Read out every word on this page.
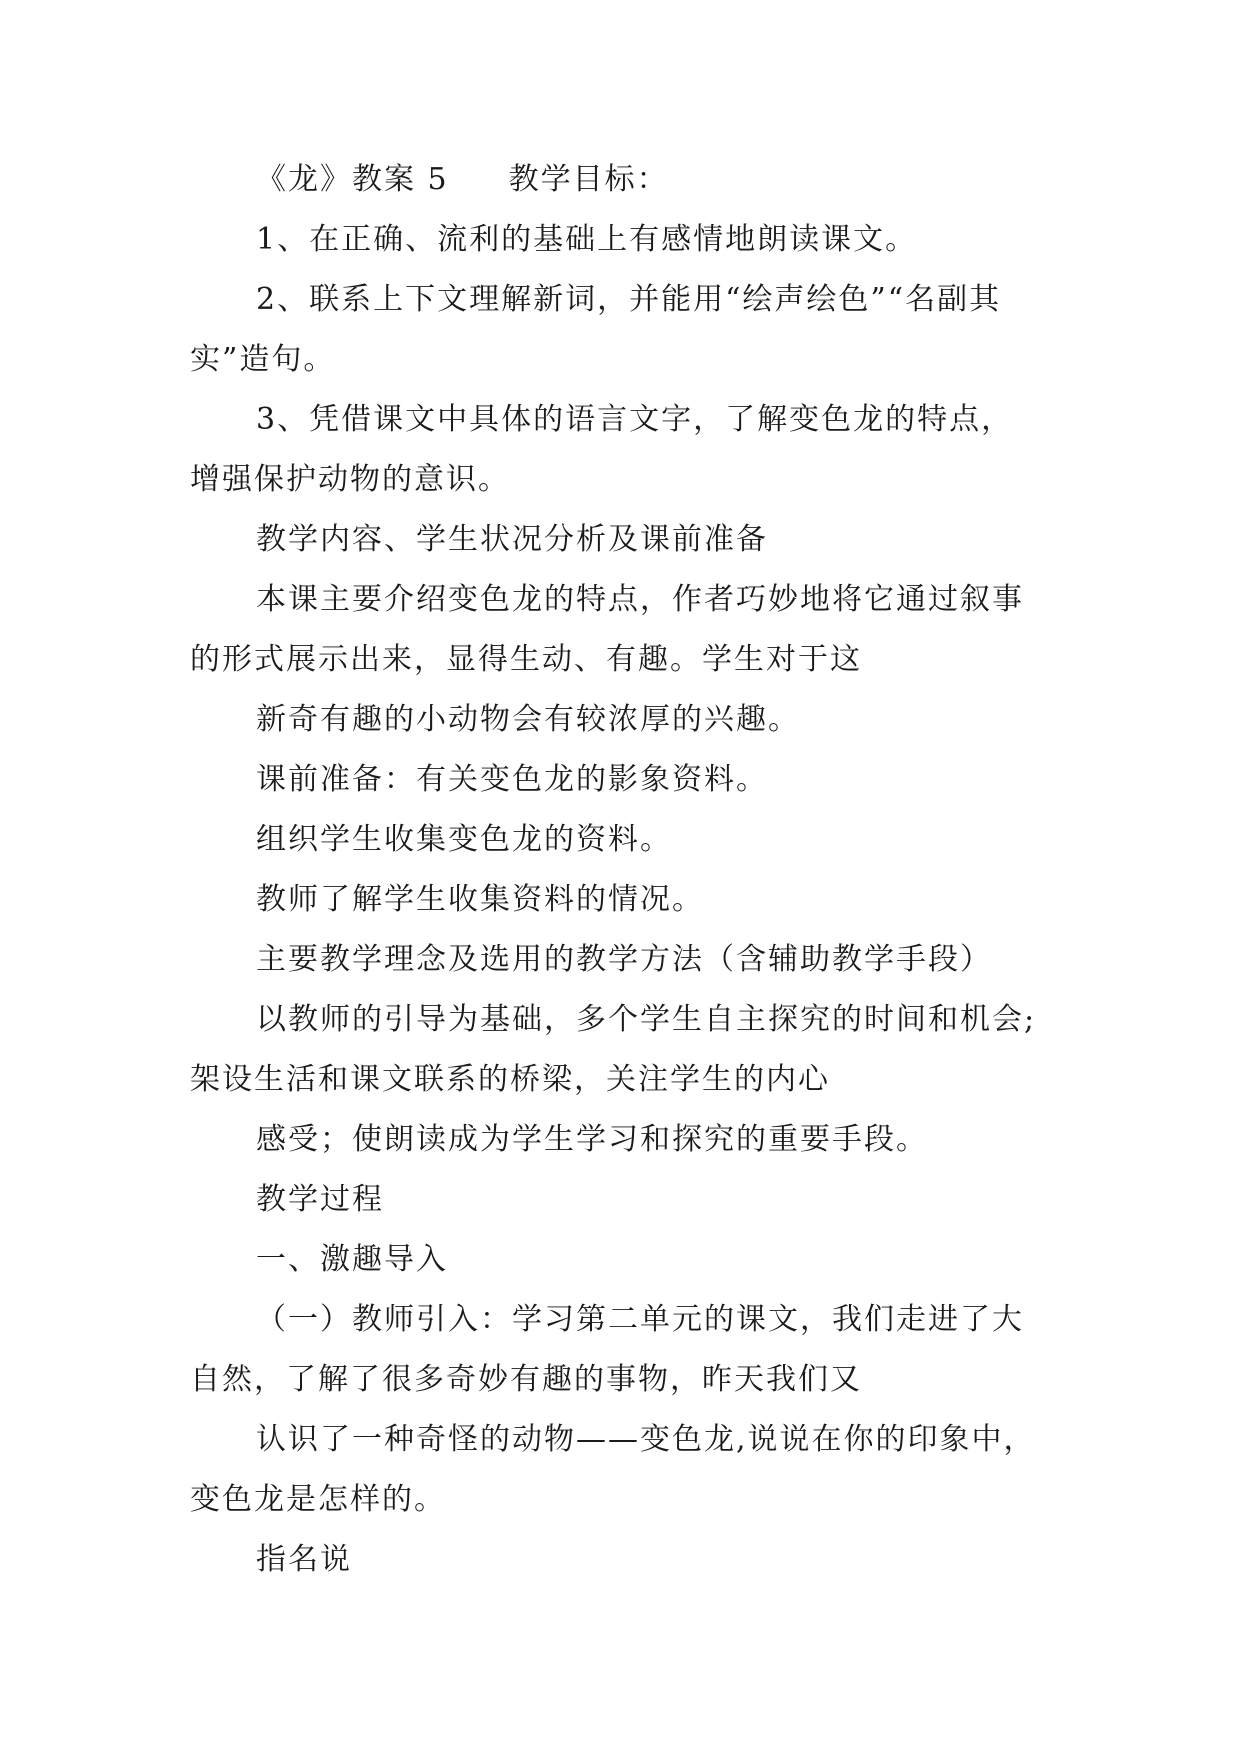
《龙》教案 5 教学目标：
1、在正确、流利的基础上有感情地朗读课文。
2、联系上下文理解新词，并能用“绘声绘色”“名副其
实”造句。
3、凭借课文中具体的语言文字，了解变色龙的特点，
增强保护动物的意识。
教学内容、学生状况分析及课前准备
本课主要介绍变色龙的特点，作者巧妙地将它通过叙事
的形式展示出来，显得生动、有趣。学生对于这
新奇有趣的小动物会有较浓厚的兴趣。
课前准备：有关变色龙的影象资料。
组织学生收集变色龙的资料。
教师了解学生收集资料的情况。
主要教学理念及选用的教学方法（含辅助教学手段）
以教师的引导为基础，多个学生自主探究的时间和机会;
架设生活和课文联系的桥梁，关注学生的内心
感受；使朗读成为学生学习和探究的重要手段。
教学过程
一、激趣导入
（一）教师引入：学习第二单元的课文，我们走进了大
自然，了解了很多奇妙有趣的事物，昨天我们又
认识了一种奇怪的动物——变色龙,说说在你的印象中，
变色龙是怎样的。
指名说
